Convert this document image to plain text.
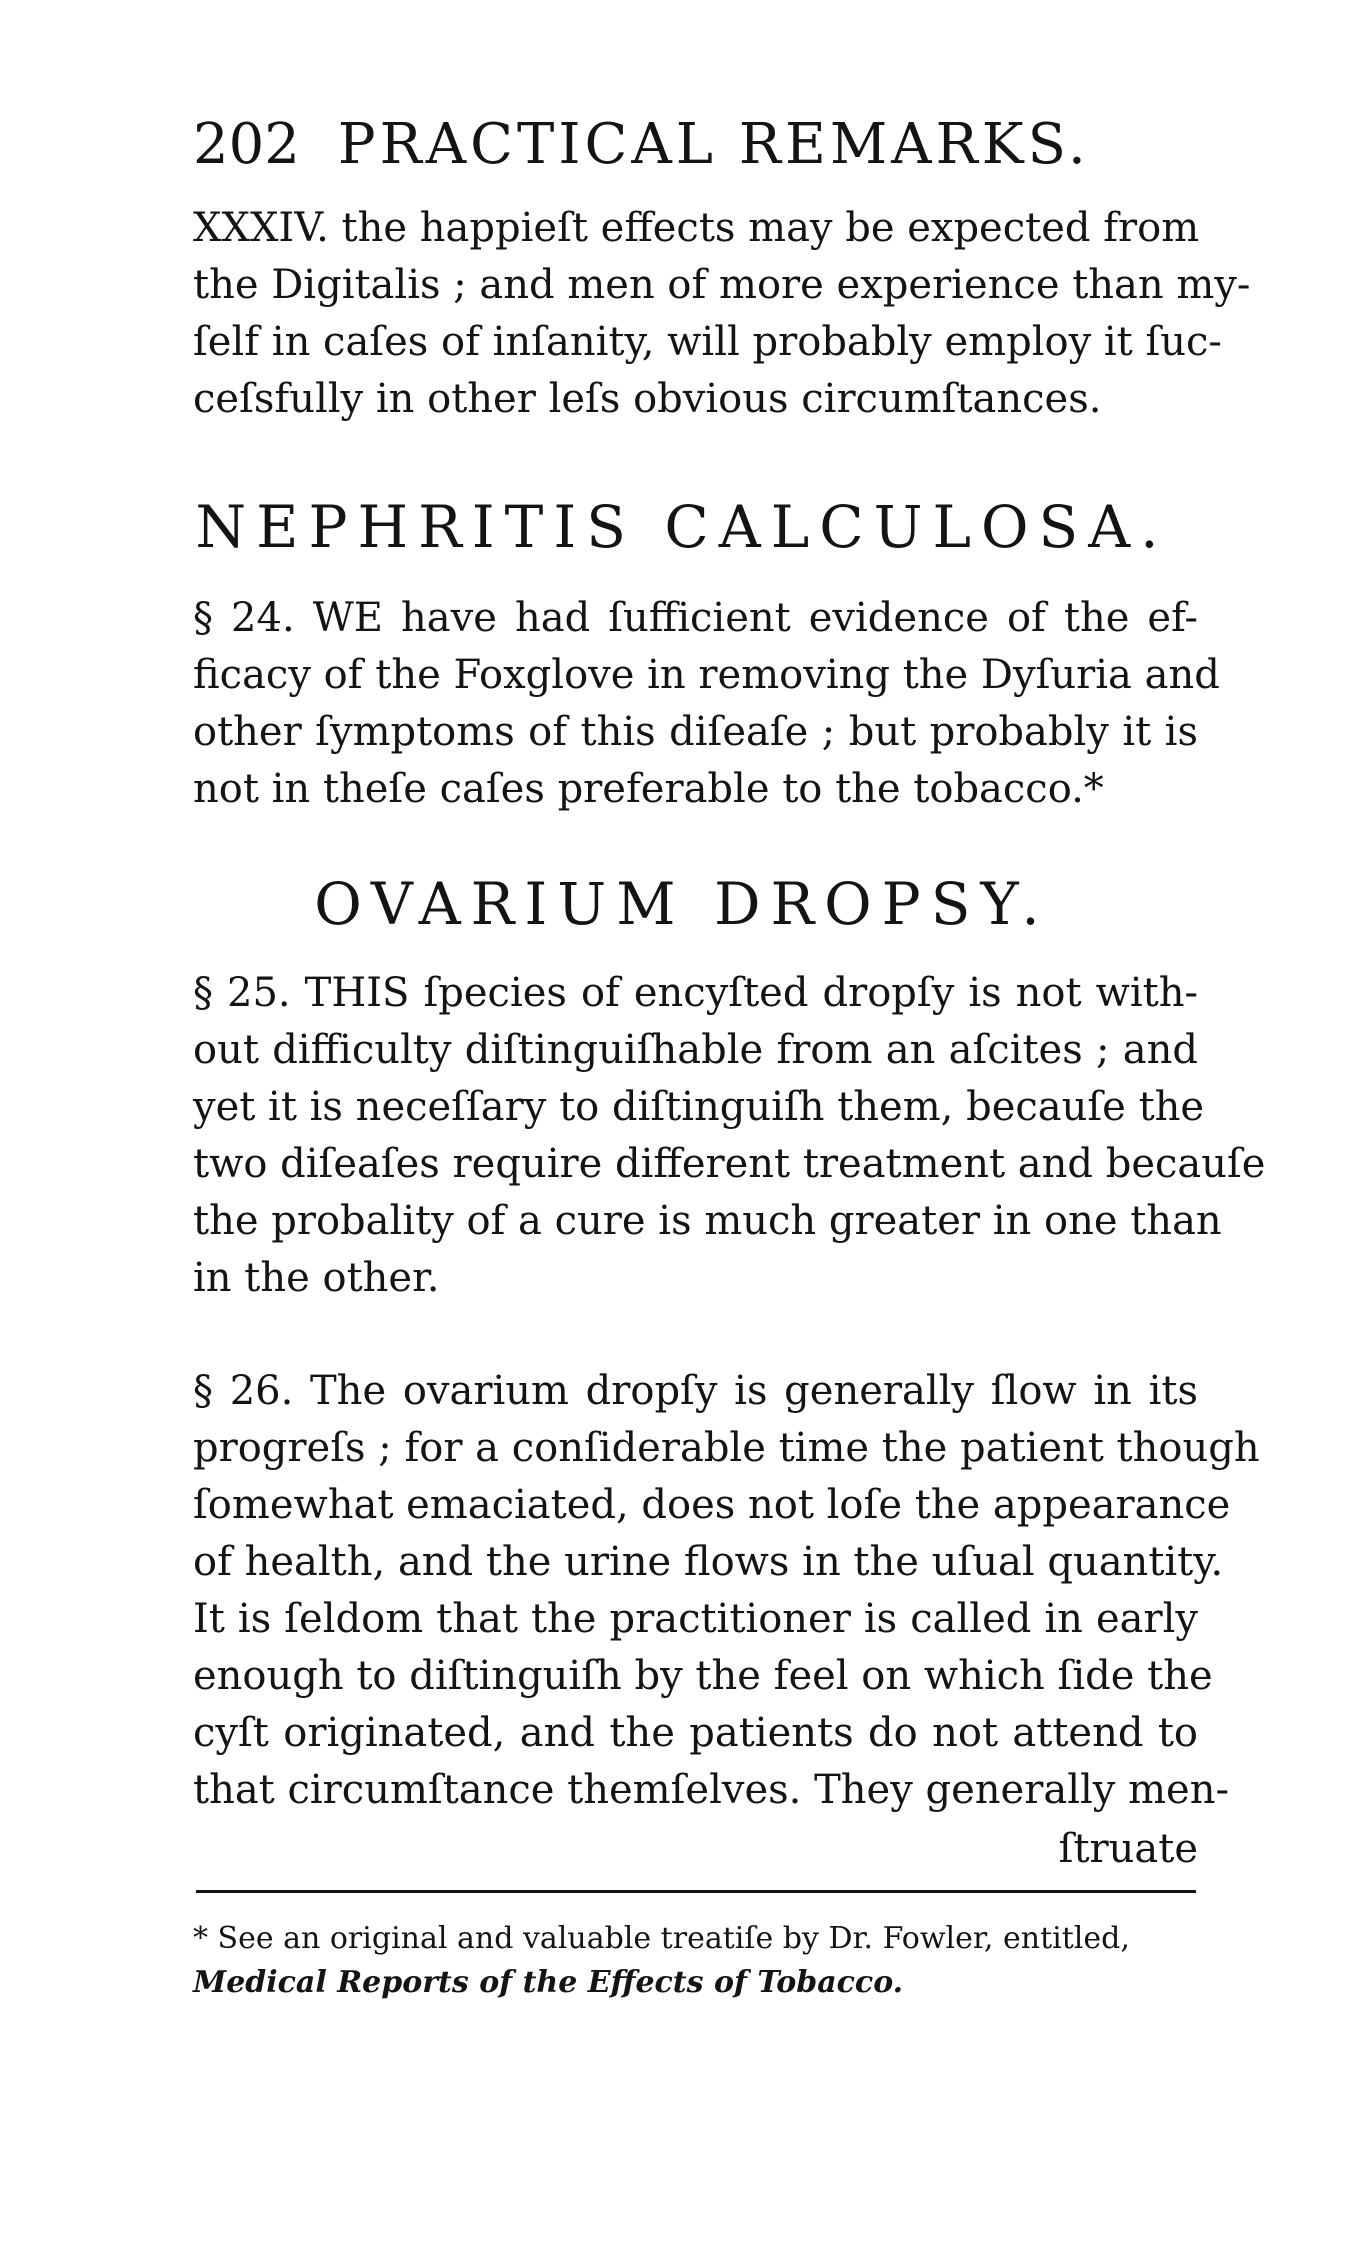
202 PRACTICAL REMARKS.
XXXIV. the happieſt effects may be expected from
the Digitalis ; and men of more experience than my-
ſelf in caſes of inſanity, will probably employ it ſuc-
ceſsfully in other leſs obvious circumſtances.
NEPHRITIS CALCULOSA.
§ 24. WE have had ſufficient evidence of the ef-
ficacy of the Foxglove in removing the Dyſuria and
other ſymptoms of this diſeaſe ; but probably it is
not in theſe caſes preferable to the tobacco.*
OVARIUM DROPSY.
§ 25. THIS ſpecies of encyſted dropſy is not with-
out difficulty diſtinguiſhable from an aſcites ; and
yet it is neceſſary to diſtinguiſh them, becauſe the
two diſeaſes require different treatment and becauſe
the probality of a cure is much greater in one than
in the other.
§ 26. The ovarium dropſy is generally ſlow in its
progreſs ; for a conſiderable time the patient though
ſomewhat emaciated, does not loſe the appearance
of health, and the urine flows in the uſual quantity.
It is ſeldom that the practitioner is called in early
enough to diſtinguiſh by the feel on which ſide the
cyſt originated, and the patients do not attend to
that circumſtance themſelves. They generally men-
ſtruate
* See an original and valuable treatiſe by Dr. Fowler, entitled,
Medical Reports of the Effects of Tobacco.
